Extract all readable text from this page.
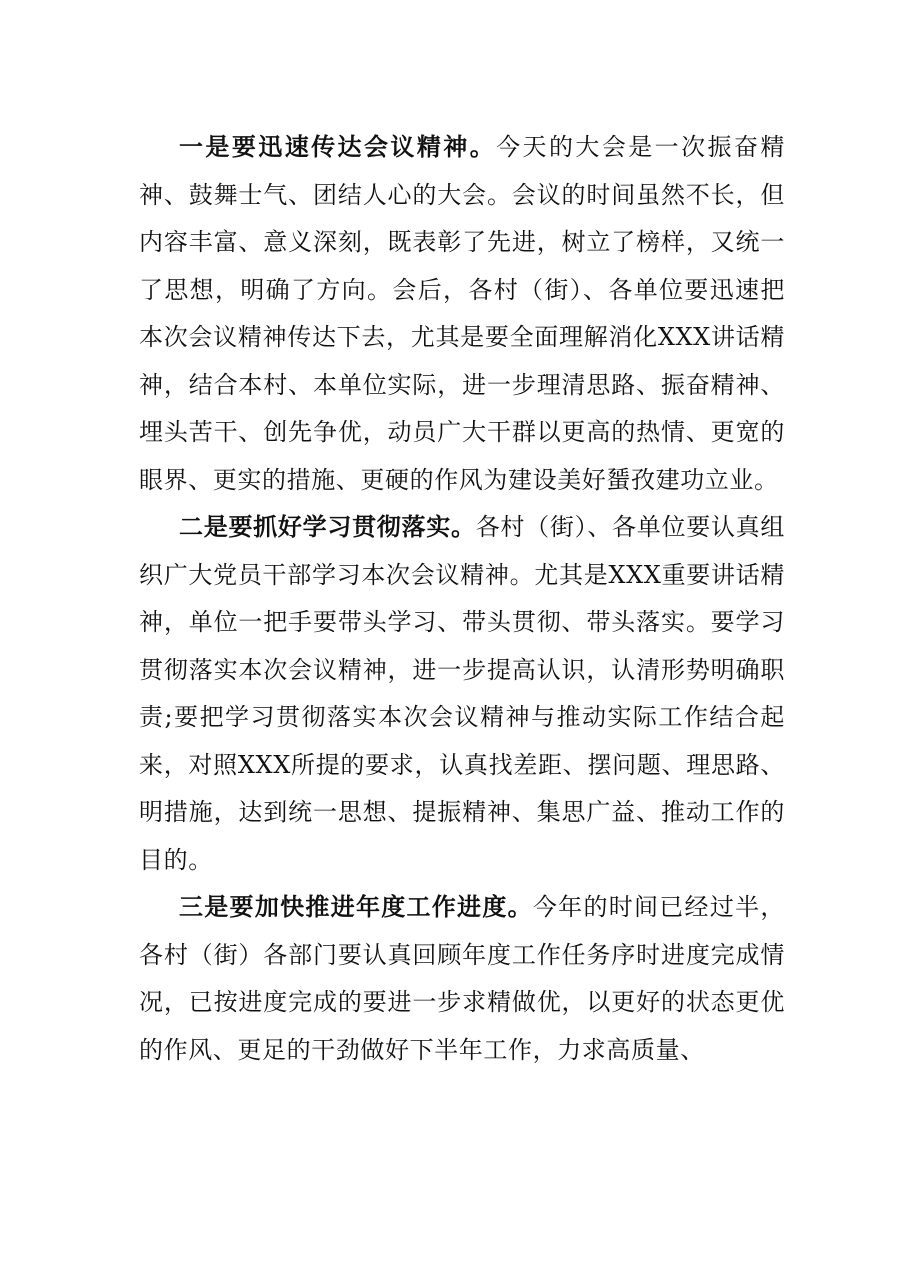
一是要迅速传达会议精神。今天的大会是一次振奋精神、鼓舞士气、团结人心的大会。会议的时间虽然不长，但内容丰富、意义深刻，既表彰了先进，树立了榜样，又统一了思想，明确了方向。会后，各村（街）、各单位要迅速把本次会议精神传达下去，尤其是要全面理解消化XXX讲话精神，结合本村、本单位实际，进一步理清思路、振奋精神、埋头苦干、创先争优，动员广大干群以更高的热情、更宽的眼界、更实的措施、更硬的作风为建设美好蜑孜建功立业。

二是要抓好学习贯彻落实。各村（街）、各单位要认真组织广大党员干部学习本次会议精神。尤其是XXX重要讲话精神，单位一把手要带头学习、带头贯彻、带头落实。要学习贯彻落实本次会议精神，进一步提高认识，认清形势明确职责;要把学习贯彻落实本次会议精神与推动实际工作结合起来，对照XXX所提的要求，认真找差距、摆问题、理思路、明措施，达到统一思想、提振精神、集思广益、推动工作的目的。

三是要加快推进年度工作进度。今年的时间已经过半，各村（街）各部门要认真回顾年度工作任务序时进度完成情况，已按进度完成的要进一步求精做优，以更好的状态更优的作风、更足的干劲做好下半年工作，力求高质量、
